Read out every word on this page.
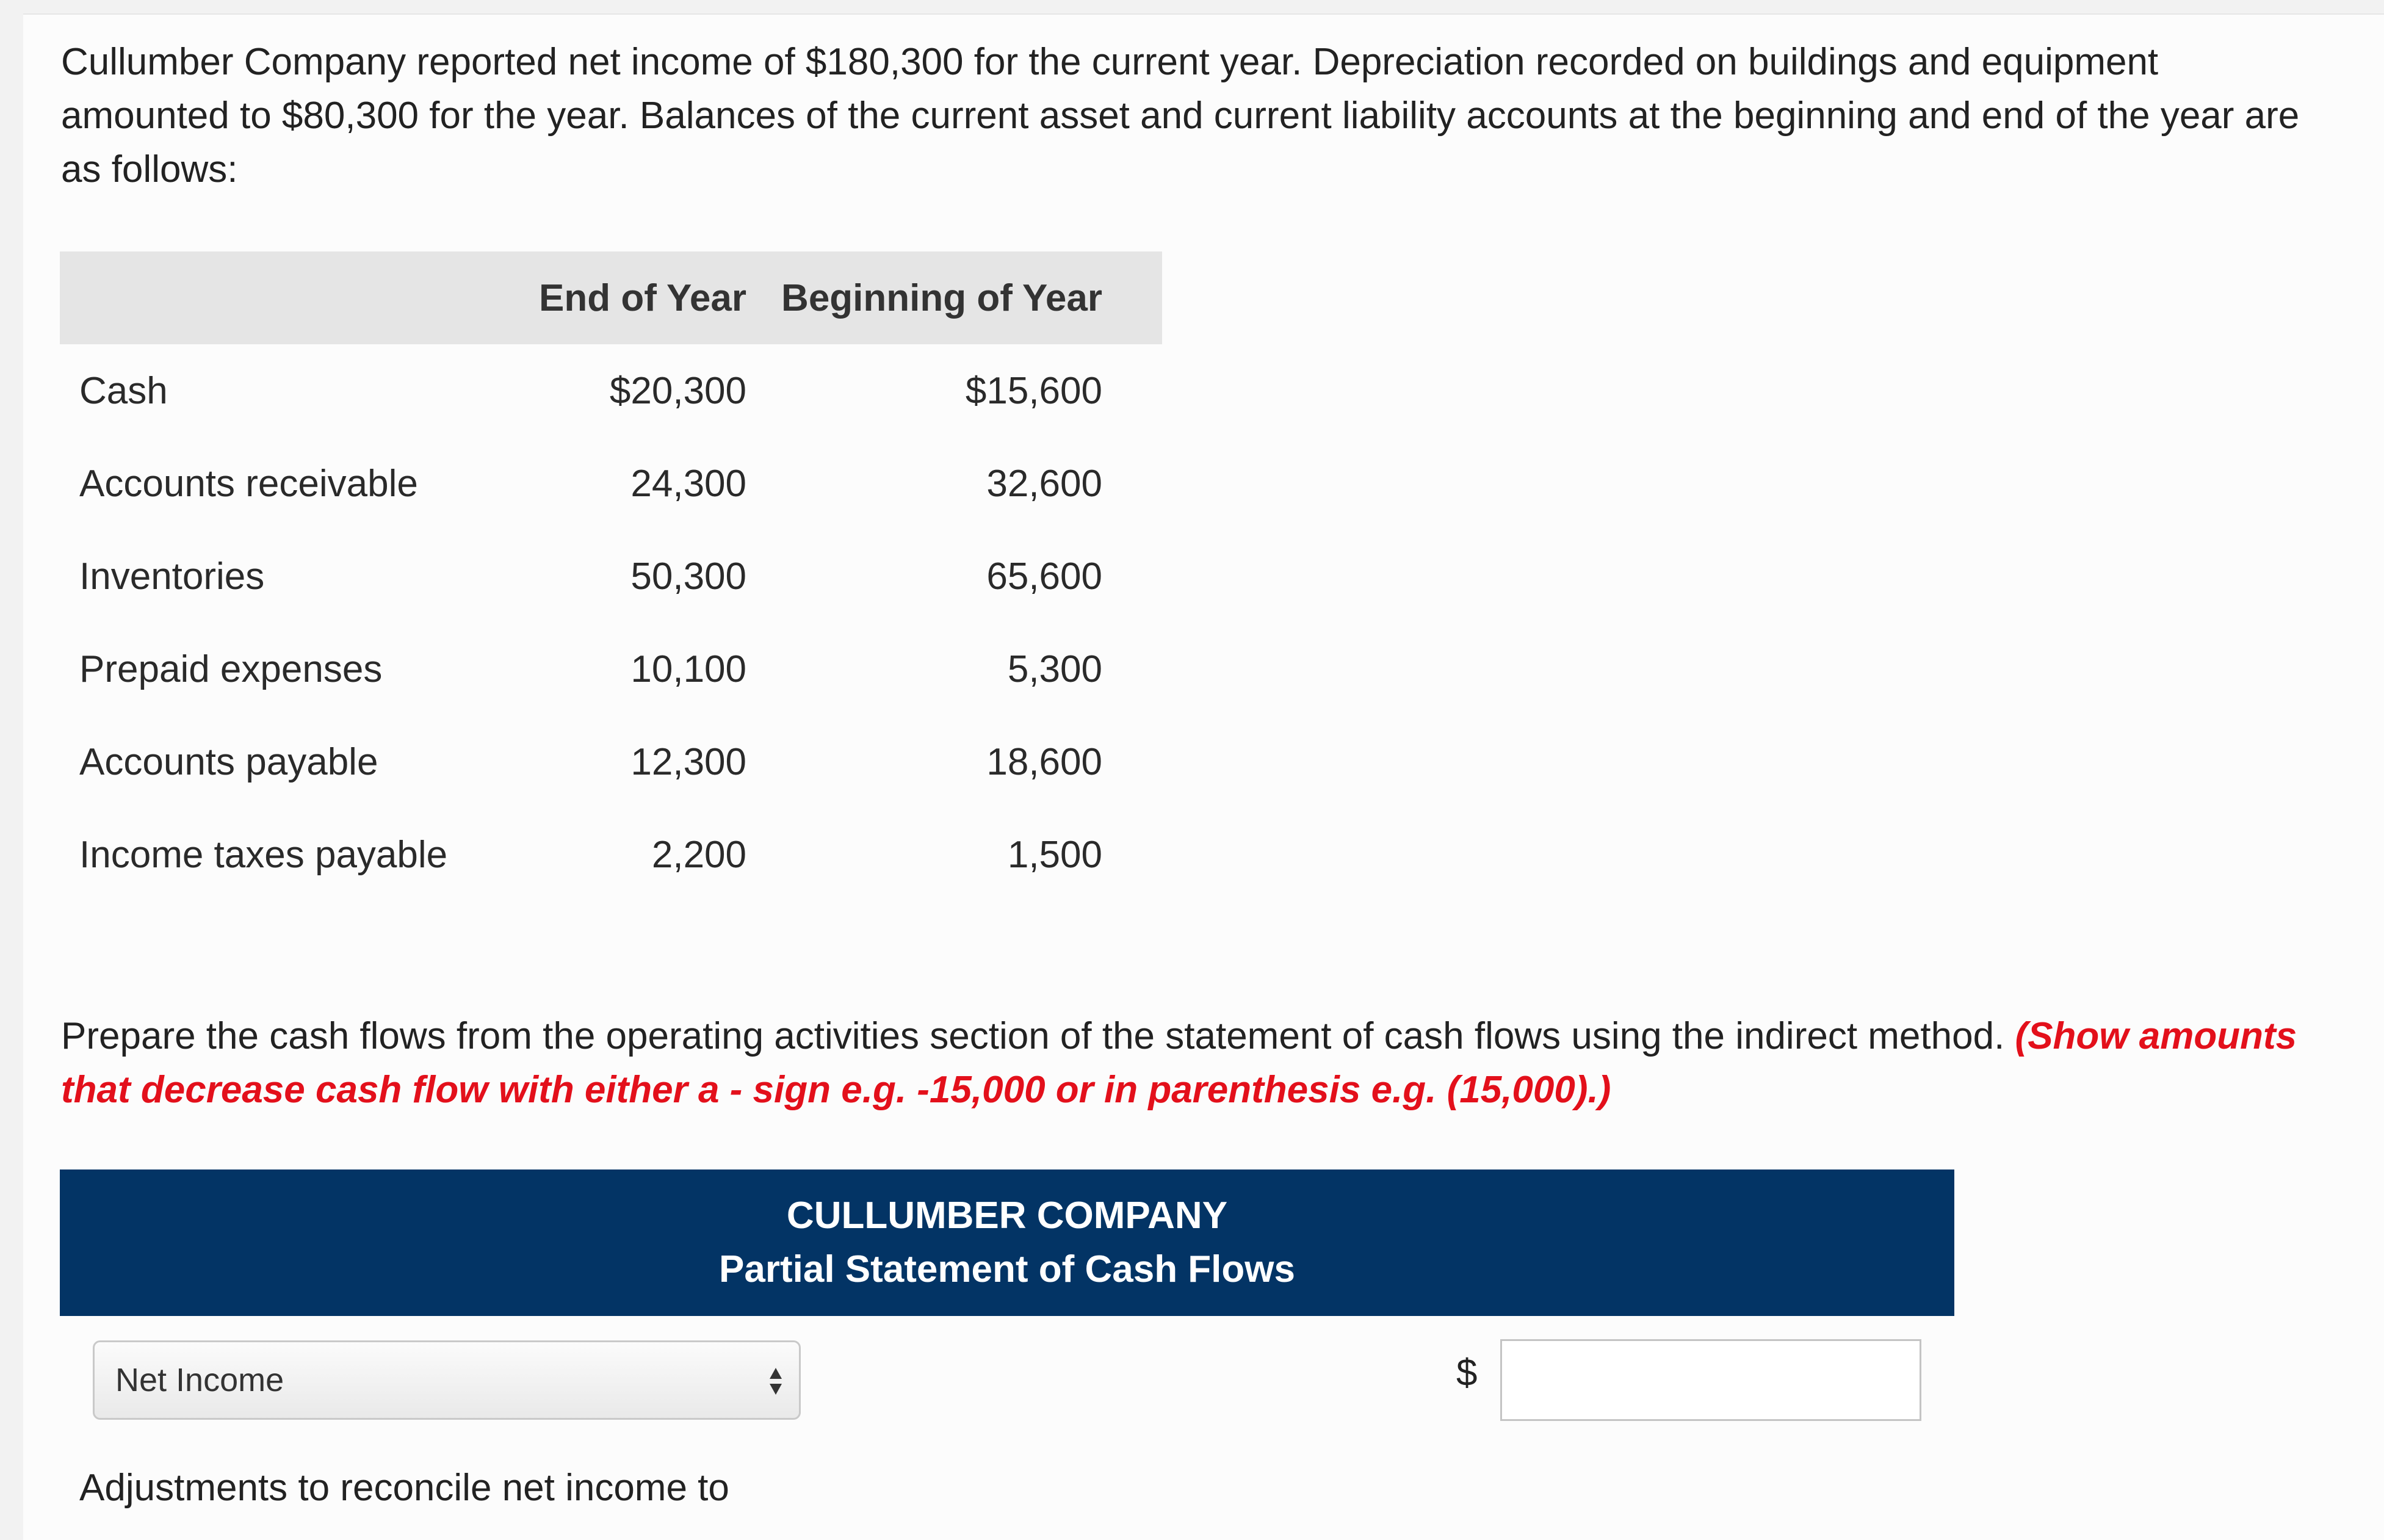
Cullumber Company reported net income of $180,300 for the current year. Depreciation recorded on buildings and equipment amounted to $80,300 for the year. Balances of the current asset and current liability accounts at the beginning and end of the year are as follows:

	End of Year	Beginning of Year
Cash	$20,300	$15,600
Accounts receivable	24,300	32,600
Inventories	50,300	65,600
Prepaid expenses	10,100	5,300
Accounts payable	12,300	18,600
Income taxes payable	2,200	1,500

Prepare the cash flows from the operating activities section of the statement of cash flows using the indirect method. (Show amounts that decrease cash flow with either a - sign e.g. -15,000 or in parenthesis e.g. (15,000).)

CULLUMBER COMPANY
Partial Statement of Cash Flows
Net Income	$
Adjustments to reconcile net income to
